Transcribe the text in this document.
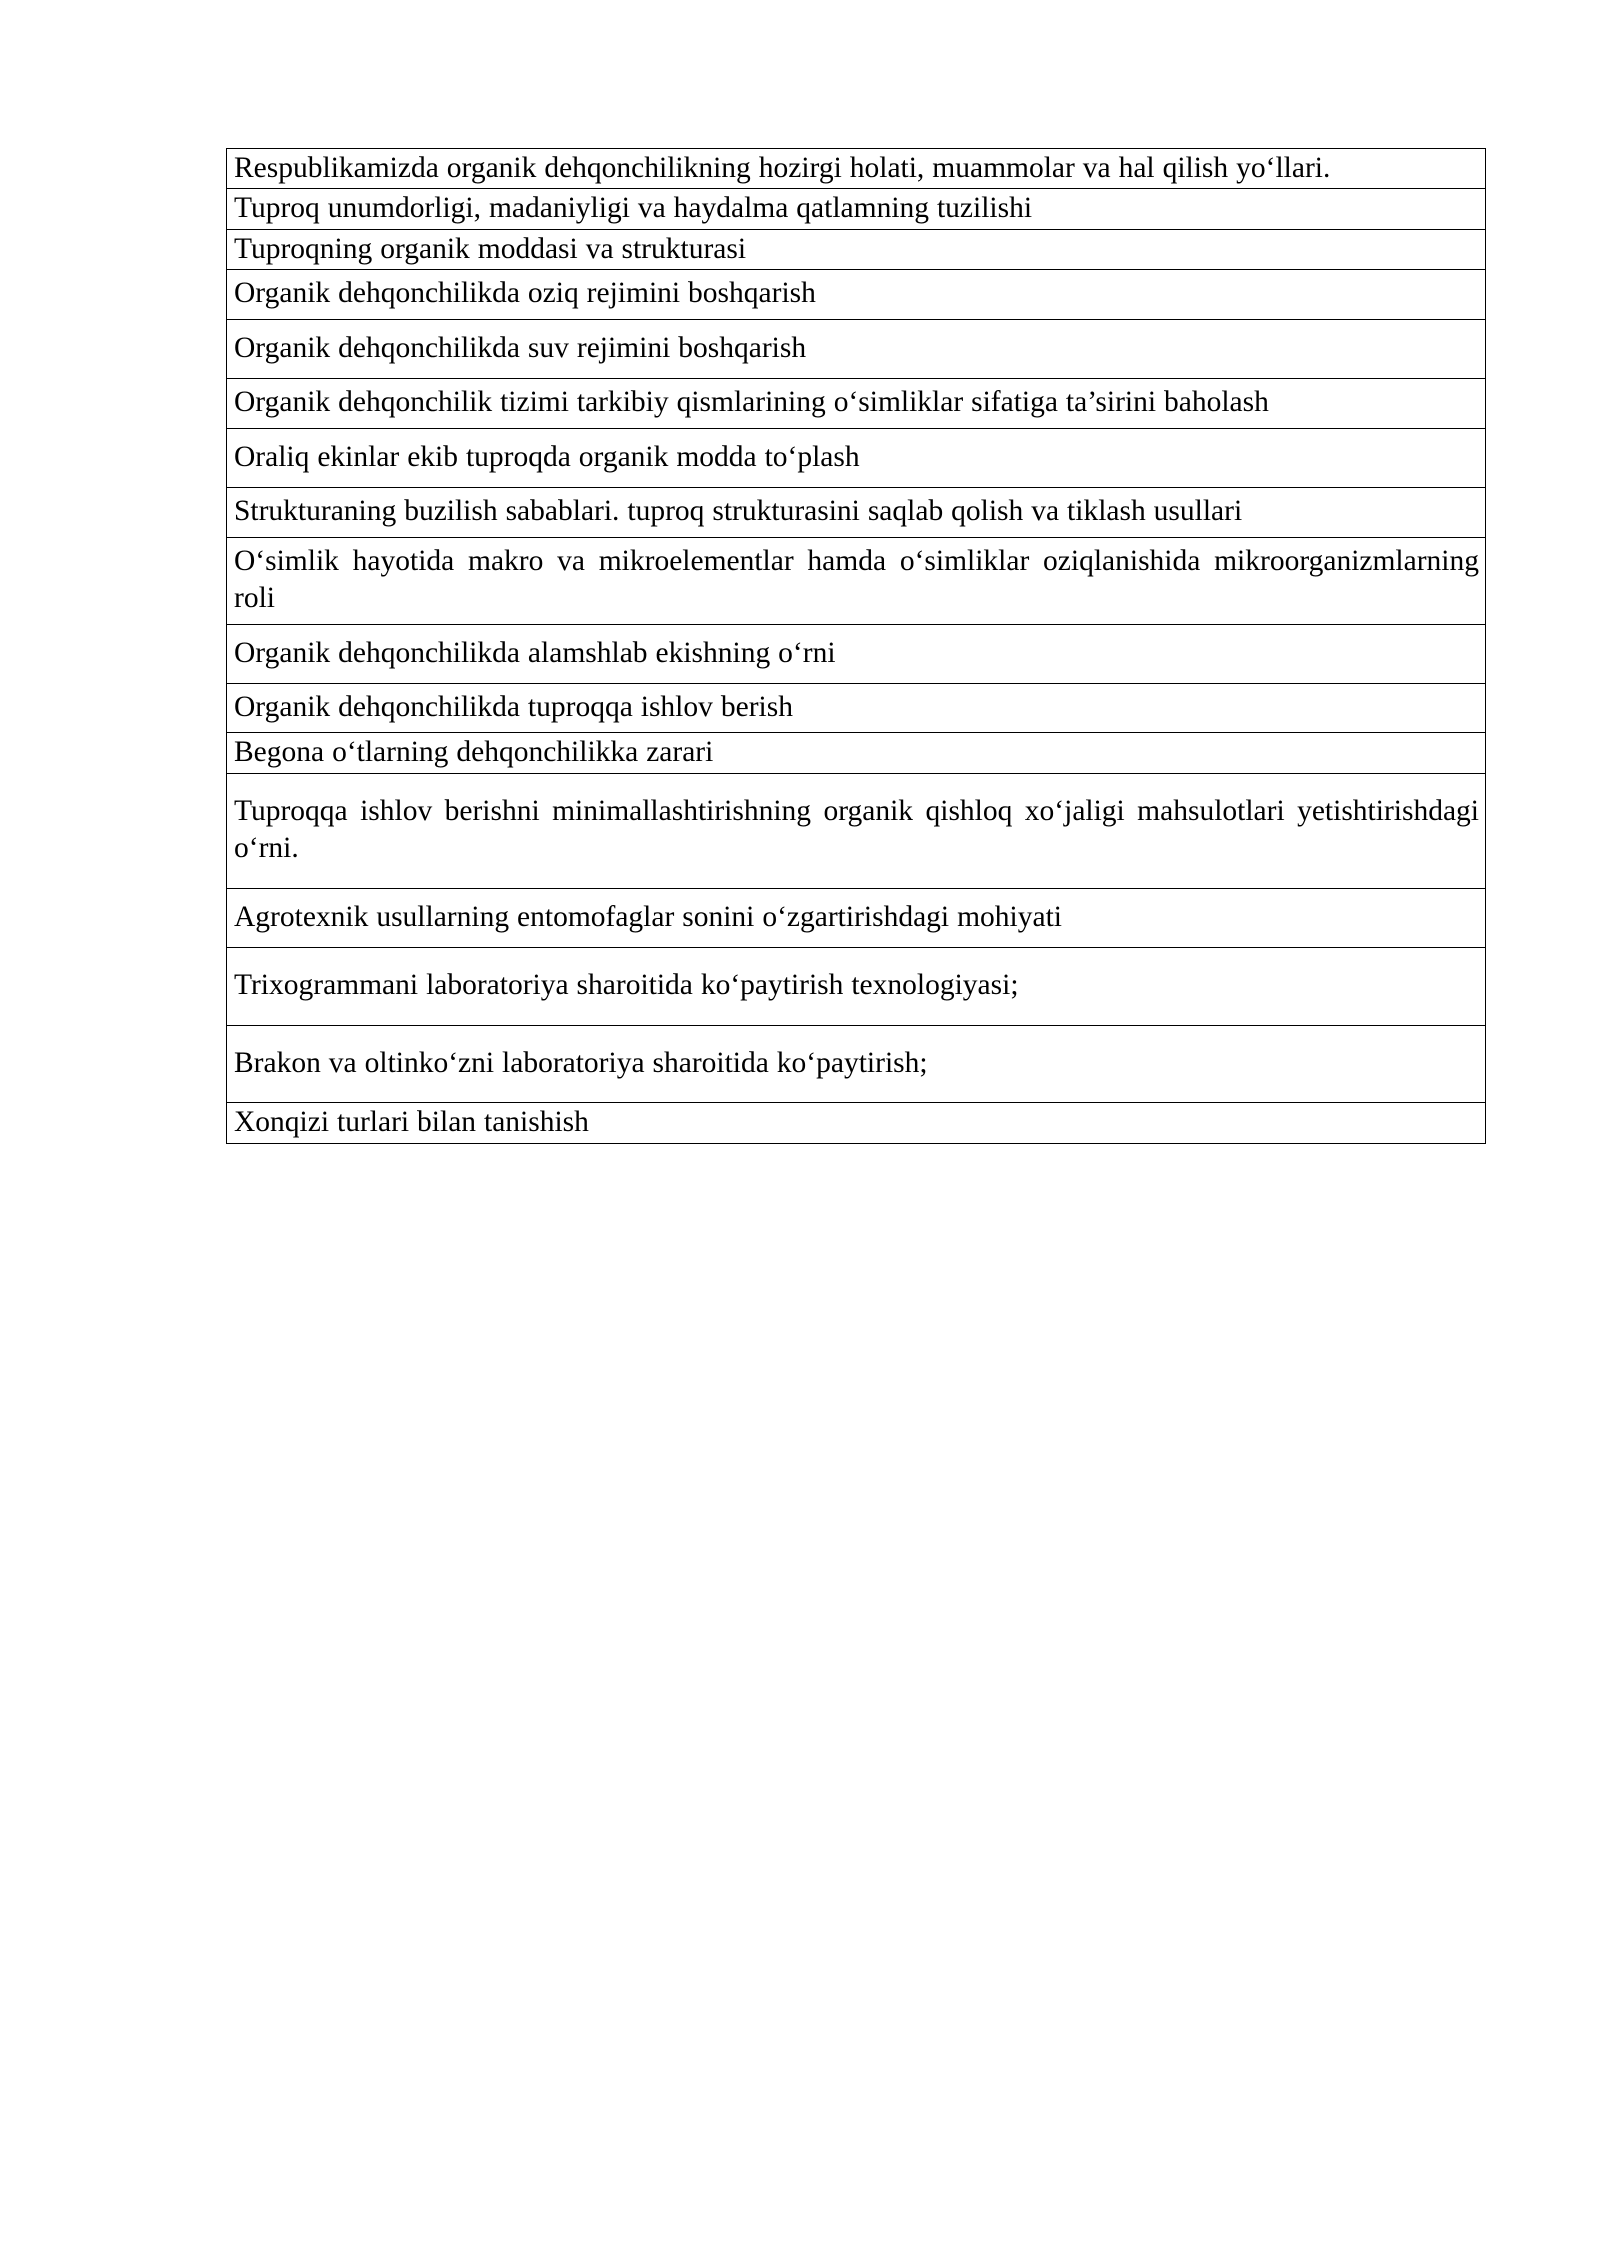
Respublikamizda organik dehqonchilikning hozirgi holati, muammolar va hal qilish yo‘llari.

Tuproq unumdorligi, madaniyligi va haydalma qatlamning tuzilishi

Tuproqning organik moddasi va strukturasi

Organik dehqonchilikda oziq rejimini boshqarish

Organik dehqonchilikda suv rejimini boshqarish

Organik dehqonchilik tizimi tarkibiy qismlarining o‘simliklar sifatiga ta’sirini baholash

Oraliq ekinlar ekib tuproqda organik modda to‘plash

Strukturaning buzilish sabablari. tuproq strukturasini saqlab qolish va tiklash usullari

O‘simlik hayotida makro va mikroelementlar hamda o‘simliklar oziqlanishida mikroorganizmlarning roli

Organik dehqonchilikda alamshlab ekishning o‘rni

Organik dehqonchilikda tuproqqa ishlov berish

Begona o‘tlarning dehqonchilikka zarari

Tuproqqa ishlov berishni minimallashtirishning organik qishloq xo‘jaligi mahsulotlari yetishtirishdagi o‘rni.

Agrotexnik usullarning entomofaglar sonini o‘zgartirishdagi mohiyati

Trixogrammani laboratoriya sharoitida ko‘paytirish texnologiyasi;

Brakon va oltinko‘zni laboratoriya sharoitida ko‘paytirish;

Xonqizi turlari bilan tanishish
